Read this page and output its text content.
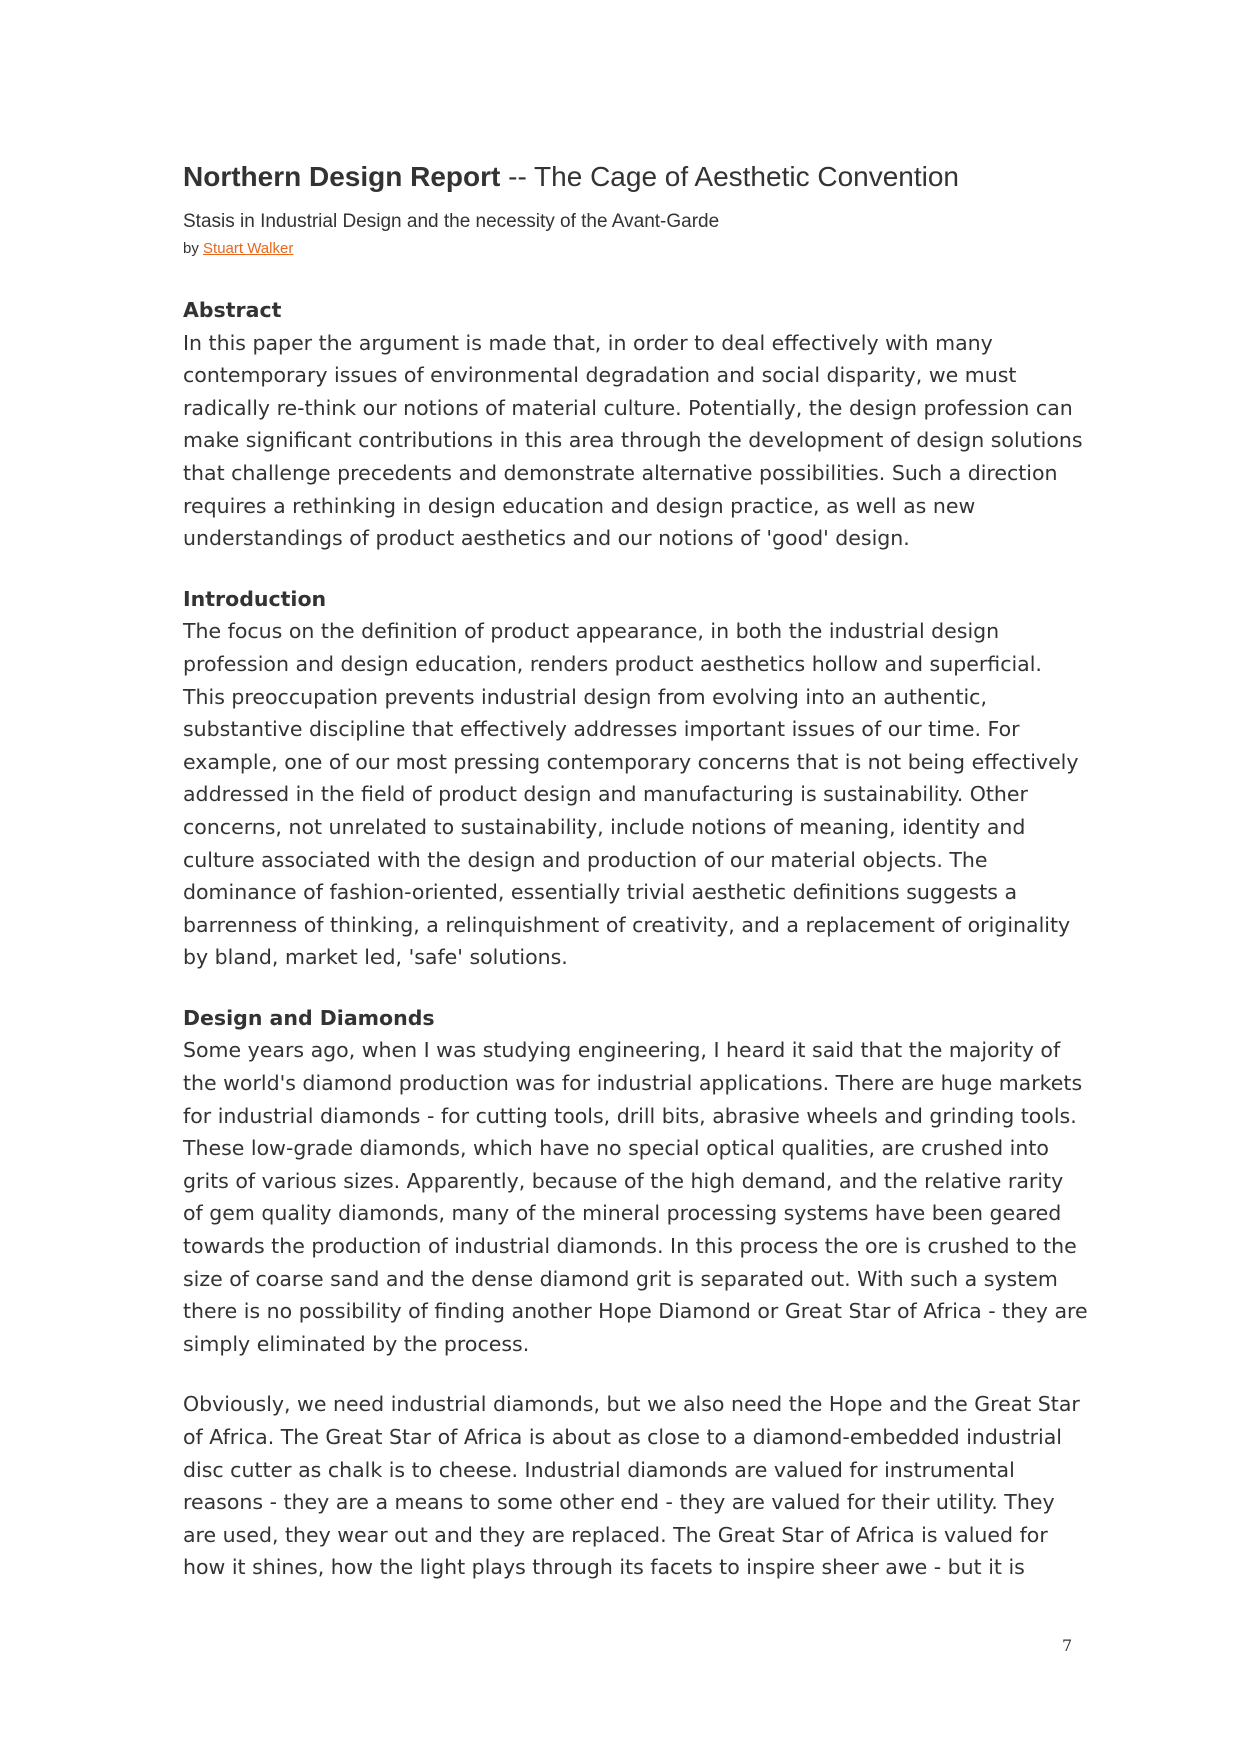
Northern Design Report -- The Cage of Aesthetic Convention
Stasis in Industrial Design and the necessity of the Avant-Garde
by Stuart Walker
Abstract

In this paper the argument is made that, in order to deal effectively with many contemporary issues of environmental degradation and social disparity, we must radically re-think our notions of material culture. Potentially, the design profession can make significant contributions in this area through the development of design solutions that challenge precedents and demonstrate alternative possibilities. Such a direction requires a rethinking in design education and design practice, as well as new understandings of product aesthetics and our notions of 'good' design.

Introduction

The focus on the definition of product appearance, in both the industrial design profession and design education, renders product aesthetics hollow and superficial. This preoccupation prevents industrial design from evolving into an authentic, substantive discipline that effectively addresses important issues of our time. For example, one of our most pressing contemporary concerns that is not being effectively addressed in the field of product design and manufacturing is sustainability. Other concerns, not unrelated to sustainability, include notions of meaning, identity and culture associated with the design and production of our material objects. The dominance of fashion-oriented, essentially trivial aesthetic definitions suggests a barrenness of thinking, a relinquishment of creativity, and a replacement of originality by bland, market led, 'safe' solutions.

Design and Diamonds

Some years ago, when I was studying engineering, I heard it said that the majority of the world's diamond production was for industrial applications. There are huge markets for industrial diamonds - for cutting tools, drill bits, abrasive wheels and grinding tools. These low-grade diamonds, which have no special optical qualities, are crushed into grits of various sizes. Apparently, because of the high demand, and the relative rarity of gem quality diamonds, many of the mineral processing systems have been geared towards the production of industrial diamonds. In this process the ore is crushed to the size of coarse sand and the dense diamond grit is separated out. With such a system there is no possibility of finding another Hope Diamond or Great Star of Africa - they are simply eliminated by the process.

Obviously, we need industrial diamonds, but we also need the Hope and the Great Star of Africa. The Great Star of Africa is about as close to a diamond-embedded industrial disc cutter as chalk is to cheese. Industrial diamonds are valued for instrumental reasons - they are a means to some other end - they are valued for their utility. They are used, they wear out and they are replaced. The Great Star of Africa is valued for how it shines, how the light plays through its facets to inspire sheer awe - but it is

7
